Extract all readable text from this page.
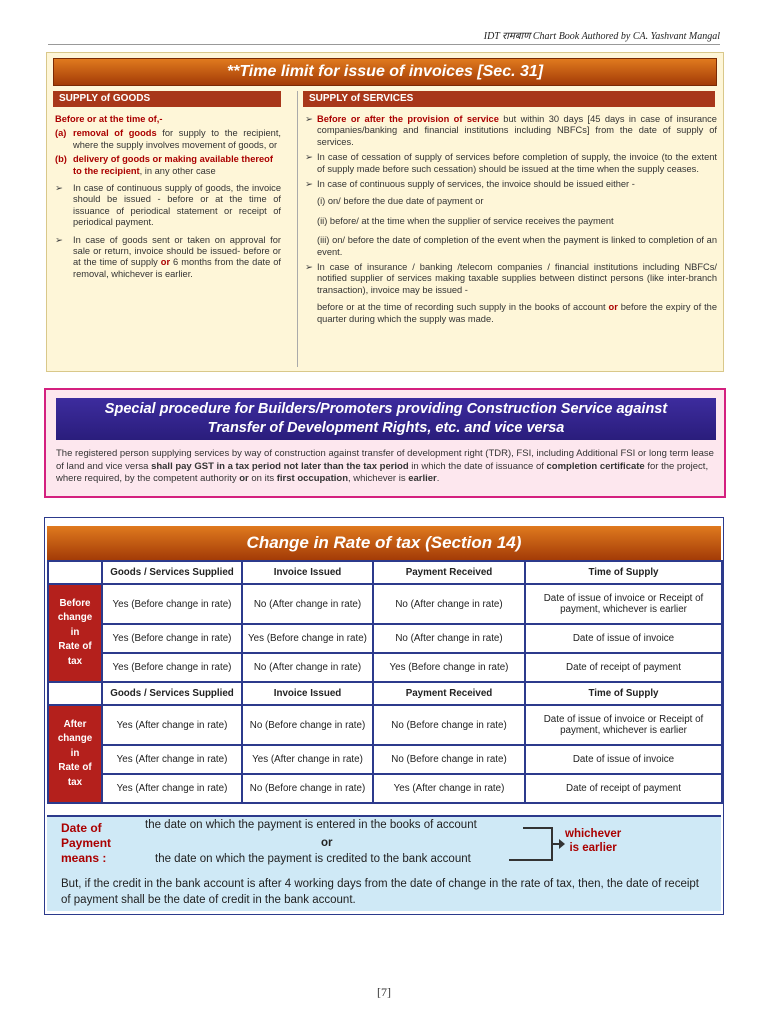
IDT रामबाण Chart Book Authored by CA. Yashvant Mangal
**Time limit for issue of invoices [Sec. 31]
SUPPLY of GOODS	SUPPLY of SERVICES
Before or at the time of,-
(a) removal of goods for supply to the recipient, where the supply involves movement of goods, or
(b) delivery of goods or making available thereof to the recipient, in any other case
➢	In case of continuous supply of goods, the invoice should be issued - before or at the time of issuance of periodical statement or receipt of periodical payment.
➢	In case of goods sent or taken on approval for sale or return, invoice should be issued- before or at the time of supply or 6 months from the date of removal, whichever is earlier.
➢ Before or after the provision of service but within 30 days [45 days in case of insurance companies/banking and financial institutions including NBFCs] from the date of supply of services.
➢ In case of cessation of supply of services before completion of supply, the invoice (to the extent of supply made before such cessation) should be issued at the time when the supply ceases.
➢ In case of continuous supply of services, the invoice should be issued either -
(i) on/ before the due date of payment or
(ii) before/ at the time when the supplier of service receives the payment
(iii) on/ before the date of completion of the event when the payment is linked to completion of an event.
➢ In case of insurance / banking /telecom companies / financial institutions including NBFCs/ notified supplier of services making taxable supplies between distinct persons (like inter-branch transaction), invoice may be issued -
before or at the time of recording such supply in the books of account or before the expiry of the quarter during which the supply was made.
Special procedure for Builders/Promoters providing Construction Service against
Transfer of Development Rights, etc. and vice versa
The registered person supplying services by way of construction against transfer of development right (TDR), FSI, including Additional FSI or long term lease of land and vice versa shall pay GST in a tax period not later than the tax period in which the date of issuance of completion certificate for the project, where required, by the competent authority or on its first occupation, whichever is earlier.
Change in Rate of tax (Section 14)
	Goods / Services Supplied	Invoice Issued	Payment Received	Time of Supply

Before
change
in
Rate of
tax	Yes (Before change in rate)	No (After change in rate)	No (After change in rate)	Date of issue of invoice or Receipt of payment, whichever is earlier
	Yes (Before change in rate)	Yes (Before change in rate)	No (After change in rate)	Date of issue of invoice
	Yes (Before change in rate)	No (After change in rate)	Yes (Before change in rate)	Date of receipt of payment
	Goods / Services Supplied	Invoice Issued	Payment Received	Time of Supply

After
change
in
Rate of
tax	Yes (After change in rate)	No (Before change in rate)	No (Before change in rate)	Date of issue of invoice or Receipt of payment, whichever is earlier
	Yes (After change in rate)	Yes (After change in rate)	No (Before change in rate)	Date of issue of invoice
	Yes (After change in rate)	No (Before change in rate)	Yes (After change in rate)	Date of receipt of payment
Date of
Payment
means :
the date on which the payment is entered in the books of account
or
the date on which the payment is credited to the bank account
whichever
is earlier
But, if the credit in the bank account is after 4 working days from the date of change in the rate of tax, then, the date of receipt of payment shall be the date of credit in the bank account.
[7]
